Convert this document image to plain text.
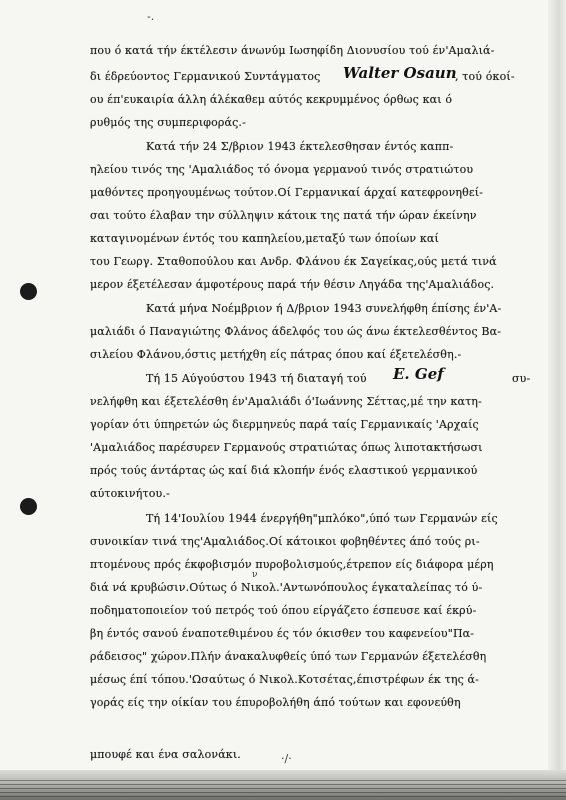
-.
που ό κατά τήν έκτέλεσιν άνωνύμ Ιωσηφίδη Διονυσίου τού έν'Αμαλιά-
δι έδρεύοντος Γερμανικού Συντάγματος Walter Osaun
, τού όκοί-
ου έπ'ευκαιρία άλλη άλέκαθεμ αύτός κεκρυμμένος όρθως και ό
ρυθμός της συμπεριφοράς.-
Κατά τήν 24 Σ/βριον 1943 έκτελεσθησαν έντός καππ-
ηλείου τινός της 'Αμαλιάδος τό όνομα γερμανού τινός στρατιώτου
μαθόντες προηγουμένως τούτον.Οί Γερμανικαί άρχαί κατεφρονηθεί-
σαι τούτο έλαβαν την σύλληψιν κάτοικ της πατά τήν ώραν έκείνην
καταγινομένων έντός του καπηλείου,μεταξύ των όποίων καί
του Γεωργ. Σταθοπούλου και Ανδρ. Φλάνου έκ Σαγείκας,ούς μετά τινά
μερον έξετέλεσαν άμφοτέρους παρά τήν θέσιν Ληγάδα της'Αμαλιάδος.
Κατά μήνα Νοέμβριον ή Δ/βριον 1943 συνελήφθη έπίσης έν'Α-
μαλιάδι ό Παναγιώτης Φλάνος άδελφός του ώς άνω έκτελεσθέντος Βα-
σιλείου Φλάνου,όστις μετήχθη είς πάτρας όπου καί έξετελέσθη.-
Τή 15 Αύγούστου 1943 τή διαταγή τού E. Gef	συ-
νελήφθη και έξετελέσθη έν'Αμαλιάδι ό'Ιωάννης Σέττας,μέ την κατη-
γορίαν ότι ύπηρετών ώς διερμηνεύς παρά ταίς Γερμανικαίς 'Αρχαίς
'Αμαλιάδος παρέσυρεν Γερμανούς στρατιώτας όπως λιποτακτήσωσι
πρός τούς άντάρτας ώς καί διά κλοπήν ένός ελαστικού γερμανικού
αύτοκινήτου.-
Τή 14'Ιουλίου 1944 ένεργήθη"μπλόκο",ύπό των Γερμανών είς
συνοικίαν τινά της'Αμαλιάδος.Οί κάτοικοι φοβηθέντες άπό τούς ρι-
πτομένους πρός έκφοβισμόν πυροβολισμούς,έτρεπον είς διάφορα μέρη
διά νά κρυβώσιν.Ούτως ό Νικολ.'Αντωνόπουλος έγκαταλείπας τό ύ-
ν
ποδηματοποιείον τού πετρός τού όπου είργάζετο έσπευσε καί έκρύ-
βη έντός σανού έναποτεθιμένου ές τόν όκισθεν του καφενείου"Πα-
ράδεισος" χώρον.Πλήν άνακαλυφθείς ύπό των Γερμανών έξετελέσθη
μέσως έπί τόπου.'Ωσαύτως ό Νικολ.Κοτσέτας,έπιστρέφων έκ της ά-
γοράς είς την οίκίαν του έπυροβολήθη άπό τούτων και εφονεύθη
μπουφέ και ένα σαλονάκι.	·/·
